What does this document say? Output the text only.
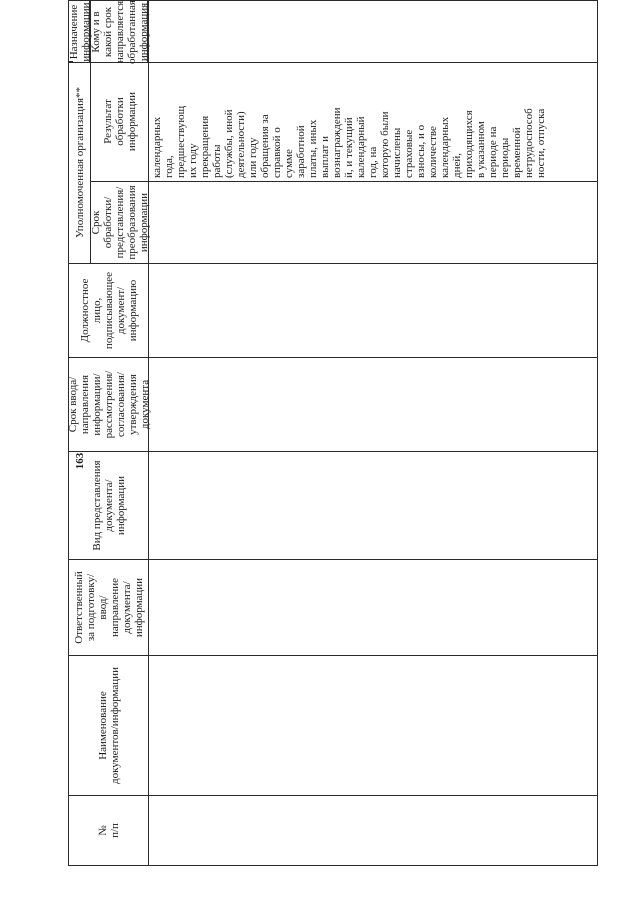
163
№
п/п
Наименование
документов/информации
Ответственный
за подготовку/
ввод/
направление
документа/
информации
Вид представления
документа/
информации
Срок ввода/
направления
информации/
рассмотрения/
согласования/
утверждения
документа
Должностное
лицо,
подписывающее
документ/
информацию
Уполномоченная организация** Срок обработки/
представления/
преобразования
информации
Результат
обработки
информации	календарных года, предшествующ их году прекращения работы (службы, иной деятельности) или году обращения за справкой о сумме заработной платы, иных выплат и вознаграждени й, и текущий календарный год, на которую были начислены страховые взносы, и о количестве календарных дней, приходящихся в указанном периоде на периоды временной нетрудоспособ ности, отпуска
Назначение
информации
Кому и в
какой срок
направляется
обработанная
информация
